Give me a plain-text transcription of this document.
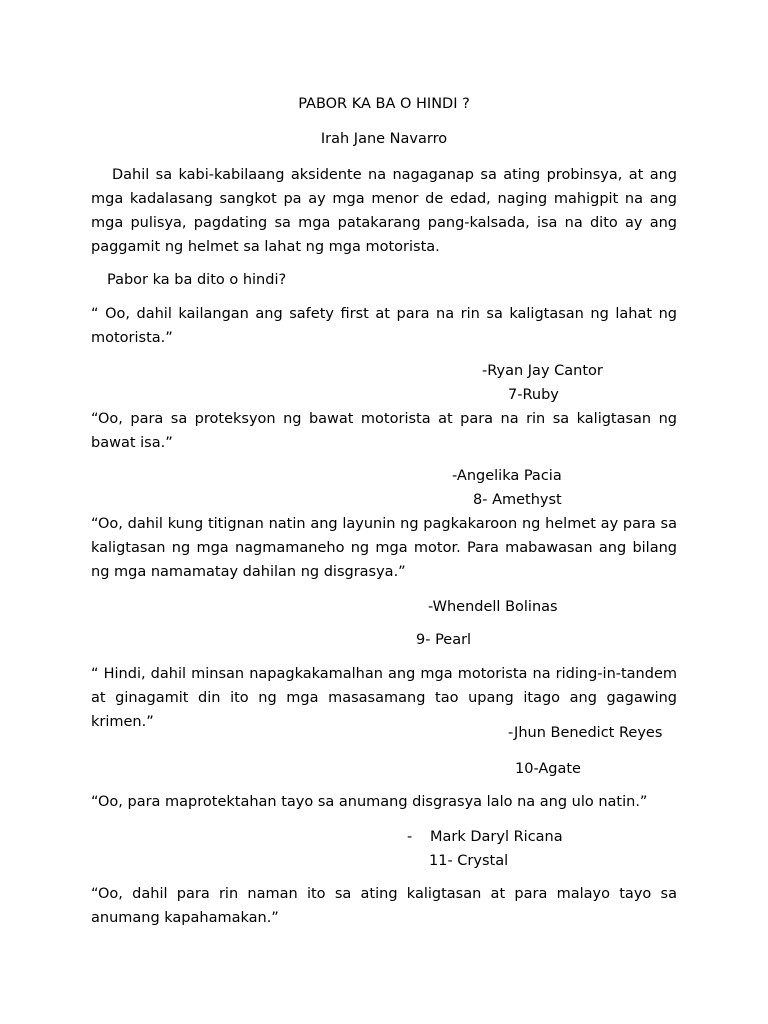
PABOR KA BA O HINDI ?
Irah Jane Navarro
Dahil sa kabi-kabilaang aksidente na nagaganap sa ating probinsya, at ang mga kadalasang sangkot pa ay mga menor de edad, naging mahigpit na ang mga pulisya, pagdating sa mga patakarang pang-kalsada, isa na dito ay ang paggamit ng helmet sa lahat ng mga motorista.
Pabor ka ba dito o hindi?
“ Oo, dahil kailangan ang safety first at para na rin sa kaligtasan ng lahat ng motorista.”
-Ryan Jay Cantor
7-Ruby
“Oo, para sa proteksyon ng bawat motorista at para na rin sa kaligtasan ng bawat isa.”
-Angelika Pacia
8- Amethyst
“Oo, dahil kung titignan natin ang layunin ng pagkakaroon ng helmet ay para sa kaligtasan ng mga nagmamaneho ng mga motor. Para mabawasan ang bilang ng mga namamatay dahilan ng disgrasya.”
-Whendell Bolinas
9- Pearl
“ Hindi, dahil minsan napagkakamalhan ang mga motorista na riding-in-tandem at ginagamit din ito ng mga masasamang tao upang itago ang gagawing krimen.”
-Jhun Benedict Reyes
10-Agate
“Oo, para maprotektahan tayo sa anumang disgrasya lalo na ang ulo natin.”
- Mark Daryl Ricana
11- Crystal
“Oo, dahil para rin naman ito sa ating kaligtasan at para malayo tayo sa anumang kapahamakan.”
